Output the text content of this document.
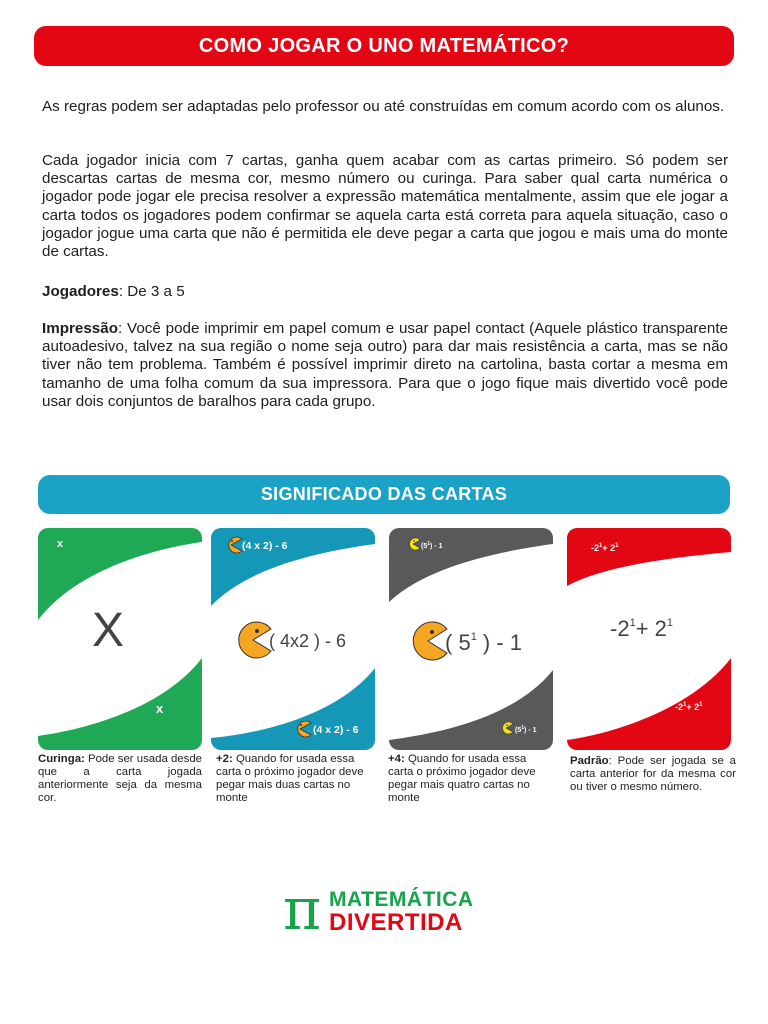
COMO JOGAR O UNO MATEMÁTICO?

As regras podem ser adaptadas pelo professor ou até construídas em comum acordo com os alunos.

Cada jogador inicia com 7 cartas, ganha quem acabar com as cartas primeiro. Só podem ser descartas cartas de mesma cor, mesmo número ou curinga. Para saber qual carta numérica o jogador pode jogar ele precisa resolver a expressão matemática mentalmente, assim que ele jogar a carta todos os jogadores podem confirmar se aquela carta está correta para aquela situação, caso o jogador jogue uma carta que não é permitida ele deve pegar a carta que jogou e mais uma do monte de cartas.

Jogadores: De 3 a 5

Impressão: Você pode imprimir em papel comum e usar papel contact (Aquele plástico transparente autoadesivo, talvez na sua região o nome seja outro) para dar mais resistência a carta, mas se não tiver não tem problema. Também é possível imprimir direto na cartolina, basta cortar a mesma em tamanho de uma folha comum da sua impressora. Para que o jogo fique mais divertido você pode usar dois conjuntos de baralhos para cada grupo.

SIGNIFICADO DAS CARTAS
x
x
X
(4 x 2) - 6
( 4x2 ) - 6
(4 x 2) - 6
$(5^1) - 1$
( $5^1$ ) - 1
$(5^1) - 1$
$-2^1+ 2^1$
$-2^1+ 2^1$
$-2^1+ 2^1$

Curinga: Pode ser usada desde que a carta jogada anteriormente seja da mesma cor.

+2: Quando for usada essa carta o próximo jogador deve pegar mais duas cartas no monte

+4: Quando for usada essa carta o próximo jogador deve pegar mais quatro cartas no monte

Padrão: Pode ser jogada se a carta anterior for da mesma cor ou tiver o mesmo número.

π MATEMÁTICA
DIVERTIDA
